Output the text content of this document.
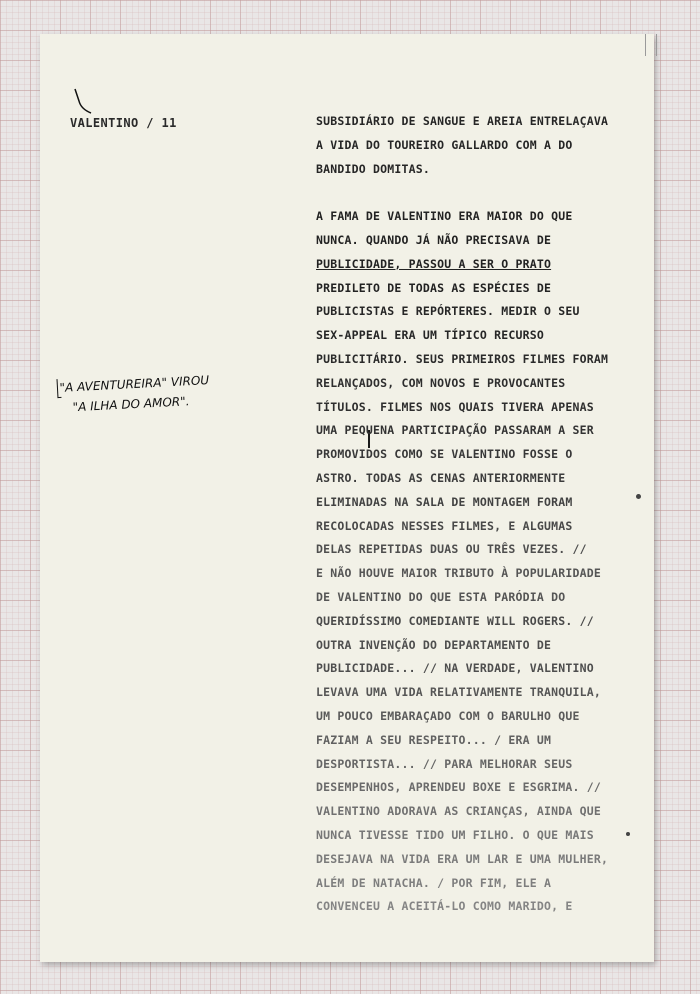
VALENTINO / 11
"A AVENTUREIRA" VIROU
"A ILHA DO AMOR".
SUBSIDIÁRIO DE SANGUE E AREIA ENTRELAÇAVA
A VIDA DO TOUREIRO GALLARDO COM A DO
BANDIDO DOMITAS.
A FAMA DE VALENTINO ERA MAIOR DO QUE
NUNCA. QUANDO JÁ NÃO PRECISAVA DE
PUBLICIDADE, PASSOU A SER O PRATO
PREDILETO DE TODAS AS ESPÉCIES DE
PUBLICISTAS E REPÓRTERES. MEDIR O SEU
SEX-APPEAL ERA UM TÍPICO RECURSO
PUBLICITÁRIO. SEUS PRIMEIROS FILMES FORAM
RELANÇADOS, COM NOVOS E PROVOCANTES
TÍTULOS. FILMES NOS QUAIS TIVERA APENAS
UMA PEQUENA PARTICIPAÇÃO PASSARAM A SER
PROMOVIDOS COMO SE VALENTINO FOSSE O
ASTRO. TODAS AS CENAS ANTERIORMENTE
ELIMINADAS NA SALA DE MONTAGEM FORAM
RECOLOCADAS NESSES FILMES, E ALGUMAS
DELAS REPETIDAS DUAS OU TRÊS VEZES. //
E NÃO HOUVE MAIOR TRIBUTO À POPULARIDADE
DE VALENTINO DO QUE ESTA PARÓDIA DO
QUERIDÍSSIMO COMEDIANTE WILL ROGERS. //
OUTRA INVENÇÃO DO DEPARTAMENTO DE
PUBLICIDADE... // NA VERDADE, VALENTINO
LEVAVA UMA VIDA RELATIVAMENTE TRANQUILA,
UM POUCO EMBARAÇADO COM O BARULHO QUE
FAZIAM A SEU RESPEITO... / ERA UM
DESPORTISTA... // PARA MELHORAR SEUS
DESEMPENHOS, APRENDEU BOXE E ESGRIMA. //
VALENTINO ADORAVA AS CRIANÇAS, AINDA QUE
NUNCA TIVESSE TIDO UM FILHO. O QUE MAIS
DESEJAVA NA VIDA ERA UM LAR E UMA MULHER,
ALÉM DE NATACHA. / POR FIM, ELE A
CONVENCEU A ACEITÁ-LO COMO MARIDO, E
